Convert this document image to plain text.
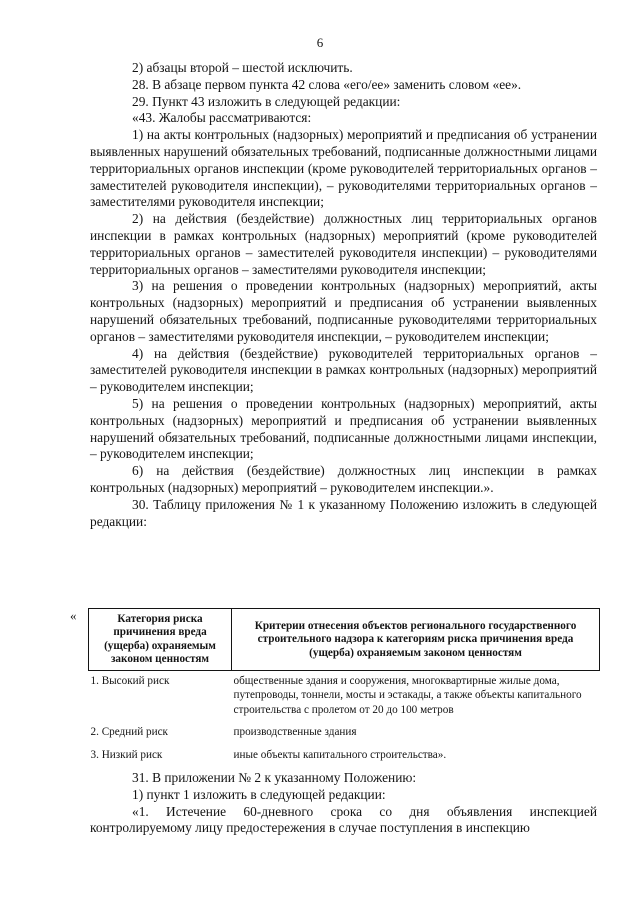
6

2) абзацы второй – шестой исключить.

28. В абзаце первом пункта 42 слова «его/ее» заменить словом «ее».

29. Пункт 43 изложить в следующей редакции:

«43. Жалобы рассматриваются:

1) на акты контрольных (надзорных) мероприятий и предписания об устранении выявленных нарушений обязательных требований, подписанные должностными лицами территориальных органов инспекции (кроме руководителей территориальных органов – заместителей руководителя инспекции), – руководителями территориальных органов – заместителями руководителя инспекции;

2) на действия (бездействие) должностных лиц территориальных органов инспекции в рамках контрольных (надзорных) мероприятий (кроме руководителей территориальных органов – заместителей руководителя инспекции) – руководителями территориальных органов – заместителями руководителя инспекции;

3) на решения о проведении контрольных (надзорных) мероприятий, акты контрольных (надзорных) мероприятий и предписания об устранении выявленных нарушений обязательных требований, подписанные руководителями территориальных органов – заместителями руководителя инспекции, – руководителем инспекции;

4) на действия (бездействие) руководителей территориальных органов – заместителей руководителя инспекции в рамках контрольных (надзорных) мероприятий – руководителем инспекции;

5) на решения о проведении контрольных (надзорных) мероприятий, акты контрольных (надзорных) мероприятий и предписания об устранении выявленных нарушений обязательных требований, подписанные должностными лицами инспекции, – руководителем инспекции;

6) на действия (бездействие) должностных лиц инспекции в рамках контрольных (надзорных) мероприятий – руководителем инспекции.».

30. Таблицу приложения № 1 к указанному Положению изложить в следующей редакции:

«	Категория риска причинения вреда (ущерба) охраняемым законом ценностям	Критерии отнесения объектов регионального государственного строительного надзора к категориям риска причинения вреда (ущерба) охраняемым законом ценностям
1. Высокий риск	общественные здания и сооружения, многоквартирные жилые дома, путепроводы, тоннели, мосты и эстакады, а также объекты капитального строительства с пролетом от 20 до 100 метров
2. Средний риск	производственные здания
3. Низкий риск	иные объекты капитального строительства».

31. В приложении № 2 к указанному Положению:

1) пункт 1 изложить в следующей редакции:

«1. Истечение 60-дневного срока со дня объявления инспекцией контролируемому лицу предостережения в случае поступления в инспекцию
